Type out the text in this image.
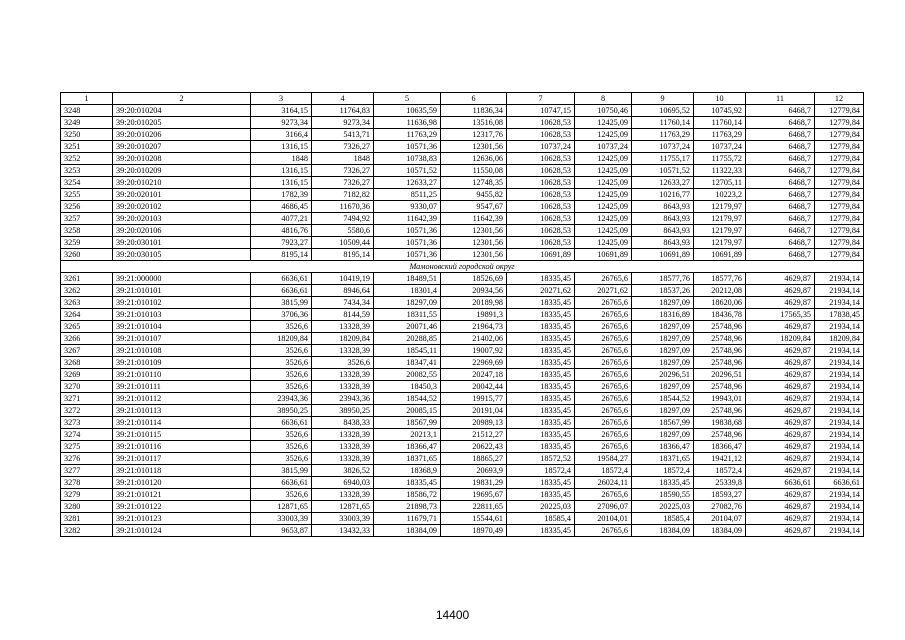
1	2	3	4	5	6	7	8	9	10	11	12
3248	39:20:010204	3164,15	11764,83	10635,59	11836,34	10747,15	10750,46	10695,52	10745,92	6468,7	12779,84
3249	39:20:010205	9273,34	9273,34	11636,98	13516,08	10628,53	12425,09	11760,14	11760,14	6468,7	12779,84
3250	39:20:010206	3166,4	5413,71	11763,29	12317,76	10628,53	12425,09	11763,29	11763,29	6468,7	12779,84
3251	39:20:010207	1316,15	7326,27	10571,36	12301,56	10737,24	10737,24	10737,24	10737,24	6468,7	12779,84
3252	39:20:010208	1848	1848	10738,83	12636,06	10628,53	12425,09	11755,17	11755,72	6468,7	12779,84
3253	39:20:010209	1316,15	7326,27	10571,52	11550,08	10628,53	12425,09	10571,52	11322,33	6468,7	12779,84
3254	39:20:010210	1316,15	7326,27	12633,27	12748,35	10628,53	12425,09	12633,27	12705,11	6468,7	12779,84
3255	39:20:020101	1782,39	7182,82	8511,25	9455,82	10628,53	12425,09	10216,77	10223,2	6468,7	12779,84
3256	39:20:020102	4686,45	11670,36	9330,07	9547,67	10628,53	12425,09	8643,93	12179,97	6468,7	12779,84
3257	39:20:020103	4077,21	7494,92	11642,39	11642,39	10628,53	12425,09	8643,93	12179,97	6468,7	12779,84
3258	39:20:020106	4816,76	5580,6	10571,36	12301,56	10628,53	12425,09	8643,93	12179,97	6468,7	12779,84
3259	39:20:030101	7923,27	10509,44	10571,36	12301,56	10628,53	12425,09	8643,93	12179,97	6468,7	12779,84
3260	39:20:030105	8195,14	8195,14	10571,36	12301,56	10691,89	10691,89	10691,89	10691,89	6468,7	12779,84
Мамоновский городской округ											
3261	39:21:000000	6636,61	10419,19	18489,51	18526,69	18335,45	26765,6	18577,76	18577,76	4629,87	21934,14
3262	39:21:010101	6636,61	8946,64	18301,4	20934,56	20271,62	20271,62	18537,26	20212,08	4629,87	21934,14
3263	39:21:010102	3815,99	7434,34	18297,09	20189,98	18335,45	26765,6	18297,09	18620,06	4629,87	21934,14
3264	39:21:010103	3706,36	8144,59	18311,55	19891,3	18335,45	26765,6	18316,89	18436,78	17565,35	17838,45
3265	39:21:010104	3526,6	13328,39	20071,46	21964,73	18335,45	26765,6	18297,09	25748,96	4629,87	21934,14
3266	39:21:010107	18209,84	18209,84	20288,85	21402,06	18335,45	26765,6	18297,09	25748,96	18209,84	18209,84
3267	39:21:010108	3526,6	13328,39	18545,11	19007,92	18335,45	26765,6	18297,09	25748,96	4629,87	21934,14
3268	39:21:010109	3526,6	3526,6	18347,41	22969,69	18335,45	26765,6	18297,09	25748,96	4629,87	21934,14
3269	39:21:010110	3526,6	13328,39	20082,55	20247,18	18335,45	26765,6	20296,51	20296,51	4629,87	21934,14
3270	39:21:010111	3526,6	13328,39	18450,3	20042,44	18335,45	26765,6	18297,09	25748,96	4629,87	21934,14
3271	39:21:010112	23943,36	23943,36	18544,52	19915,77	18335,45	26765,6	18544,52	19943,01	4629,87	21934,14
3272	39:21:010113	38950,25	38950,25	20085,15	20191,04	18335,45	26765,6	18297,09	25748,96	4629,87	21934,14
3273	39:21:010114	6636,61	8438,33	18567,99	20989,13	18335,45	26765,6	18567,99	19838,68	4629,87	21934,14
3274	39:21:010115	3526,6	13328,39	20213,1	21512,27	18335,45	26765,6	18297,09	25748,96	4629,87	21934,14
3275	39:21:010116	3526,6	13328,39	18366,47	20622,43	18335,45	26765,6	18366,47	18366,47	4629,87	21934,14
3276	39:21:010117	3526,6	13328,39	18371,65	18865,27	18572,52	19584,27	18371,65	19421,12	4629,87	21934,14
3277	39:21:010118	3815,99	3826,52	18368,9	20693,9	18572,4	18572,4	18572,4	18572,4	4629,87	21934,14
3278	39:21:010120	6636,61	6940,03	18335,45	19831,29	18335,45	26024,11	18335,45	25339,8	6636,61	6636,61
3279	39:21:010121	3526,6	13328,39	18586,72	19695,67	18335,45	26765,6	18590,55	18593,27	4629,87	21934,14
3280	39:21:010122	12871,65	12871,65	21898,73	22811,65	20225,03	27096,07	20225,03	27082,76	4629,87	21934,14
3281	39:21:010123	33003,39	33003,39	11679,71	15544,61	18585,4	20104,01	18585,4	20104,07	4629,87	21934,14
3282	39:21:010124	9653,87	13432,33	18384,09	18970,49	18335,45	26765,6	18384,09	18384,09	4629,87	21934,14
14400
